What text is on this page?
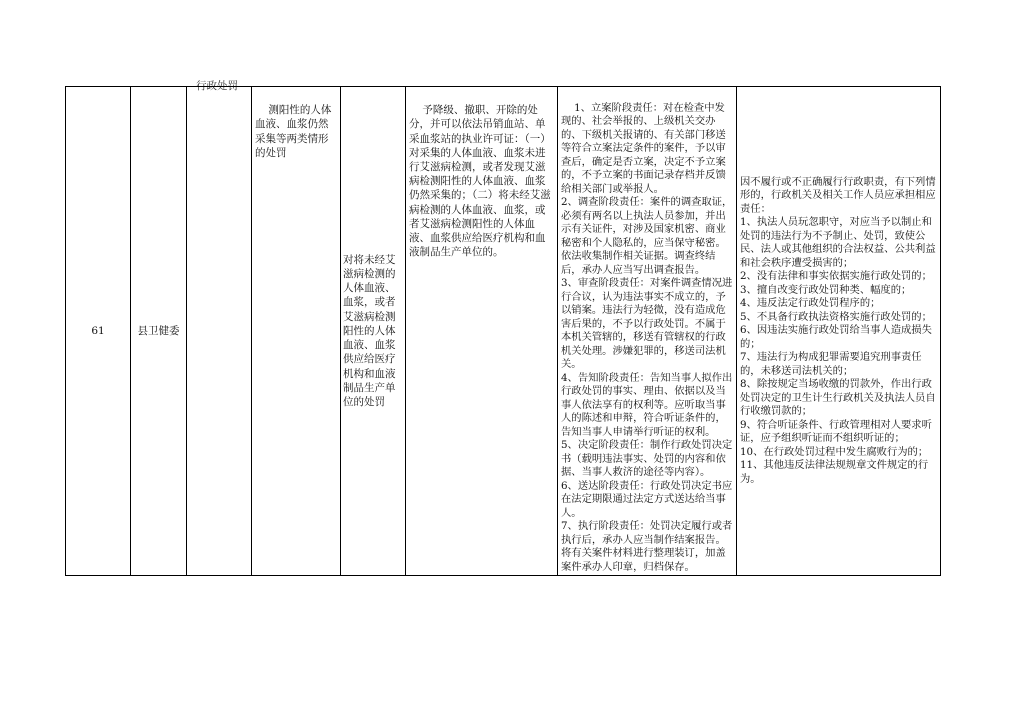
行政处罚
61	县卫健委

测阳性的人体血液、血浆仍然采集等两类情形的处罚

对将未经艾滋病检测的人体血液、血浆，或者艾滋病检测阳性的人体血液、血浆供应给医疗机构和血液制品生产单位的处罚

予降级、撤职、开除的处分，并可以依法吊销血站、单采血浆站的执业许可证：（一）对采集的人体血液、血浆未进行艾滋病检测，或者发现艾滋病检测阳性的人体血液、血浆仍然采集的；（二）将未经艾滋病检测的人体血液、血浆，或者艾滋病检测阳性的人体血液、血浆供应给医疗机构和血液制品生产单位的。

1、立案阶段责任：对在检查中发现的、社会举报的、上级机关交办的、下级机关报请的、有关部门移送等符合立案法定条件的案件，予以审查后，确定是否立案，决定不予立案的，不予立案的书面记录存档并反馈给相关部门或举报人。
2、调查阶段责任：案件的调查取证，必须有两名以上执法人员参加，并出示有关证件，对涉及国家机密、商业秘密和个人隐私的，应当保守秘密。依法收集制作相关证据。调查终结后，承办人应当写出调查报告。
3、审查阶段责任：对案件调查情况进行合议，认为违法事实不成立的，予以销案。违法行为轻微，没有造成危害后果的，不予以行政处罚。不属于本机关管辖的，移送有管辖权的行政机关处理。涉嫌犯罪的，移送司法机关。
4、告知阶段责任：告知当事人拟作出行政处罚的事实、理由、依据以及当事人依法享有的权利等。应听取当事人的陈述和申辩，符合听证条件的，告知当事人申请举行听证的权利。
5、决定阶段责任：制作行政处罚决定书（载明违法事实、处罚的内容和依据、当事人救济的途径等内容）。
6、送达阶段责任：行政处罚决定书应在法定期限通过法定方式送达给当事人。
7、执行阶段责任：处罚决定履行或者执行后，承办人应当制作结案报告。将有关案件材料进行整理装订，加盖案件承办人印章，归档保存。

因不履行或不正确履行行政职责，有下列情形的，行政机关及相关工作人员应承担相应责任：
1、执法人员玩忽职守，对应当予以制止和处罚的违法行为不予制止、处罚，致使公民、法人或其他组织的合法权益、公共利益和社会秩序遭受损害的；
2、没有法律和事实依据实施行政处罚的；
3、擅自改变行政处罚种类、幅度的；
4、违反法定行政处罚程序的；
5、不具备行政执法资格实施行政处罚的；
6、因违法实施行政处罚给当事人造成损失的；
7、违法行为构成犯罪需要追究刑事责任的，未移送司法机关的；
8、除按规定当场收缴的罚款外，作出行政处罚决定的卫生计生行政机关及执法人员自行收缴罚款的；
9、符合听证条件、行政管理相对人要求听证，应予组织听证而不组织听证的；
10、在行政处罚过程中发生腐败行为的；
11、其他违反法律法规规章文件规定的行为。
